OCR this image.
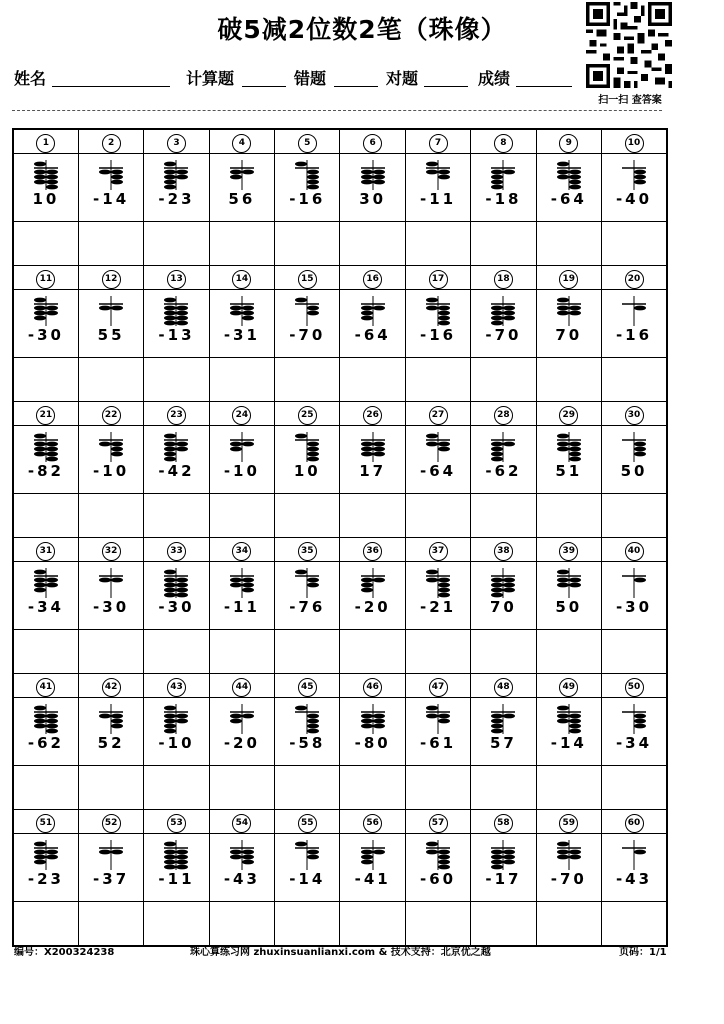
破5减2位数2笔（珠像）
扫一扫 查答案
姓名	计算题	错题	对题	成绩
1	2	3	4	5	6	7	8	9	10

10	-14	-23	56	-16	30	-11	-18	-64	-40

11	12	13	14	15	16	17	18	19	20

-30	55	-13	-31	-70	-64	-16	-70	70	-16

21	22	23	24	25	26	27	28	29	30

-82	-10	-42	-10	10	17	-64	-62	51	50

31	32	33	34	35	36	37	38	39	40

-34	-30	-30	-11	-76	-20	-21	70	50	-30

41	42	43	44	45	46	47	48	49	50

-62	52	-10	-20	-58	-80	-61	57	-14	-34

51	52	53	54	55	56	57	58	59	60

-23	-37	-11	-43	-14	-41	-60	-17	-70	-43

编号：X200324238	珠心算练习网 zhuxinsuanlianxi.com & 技术支持：北京优之越	页码：1/1
